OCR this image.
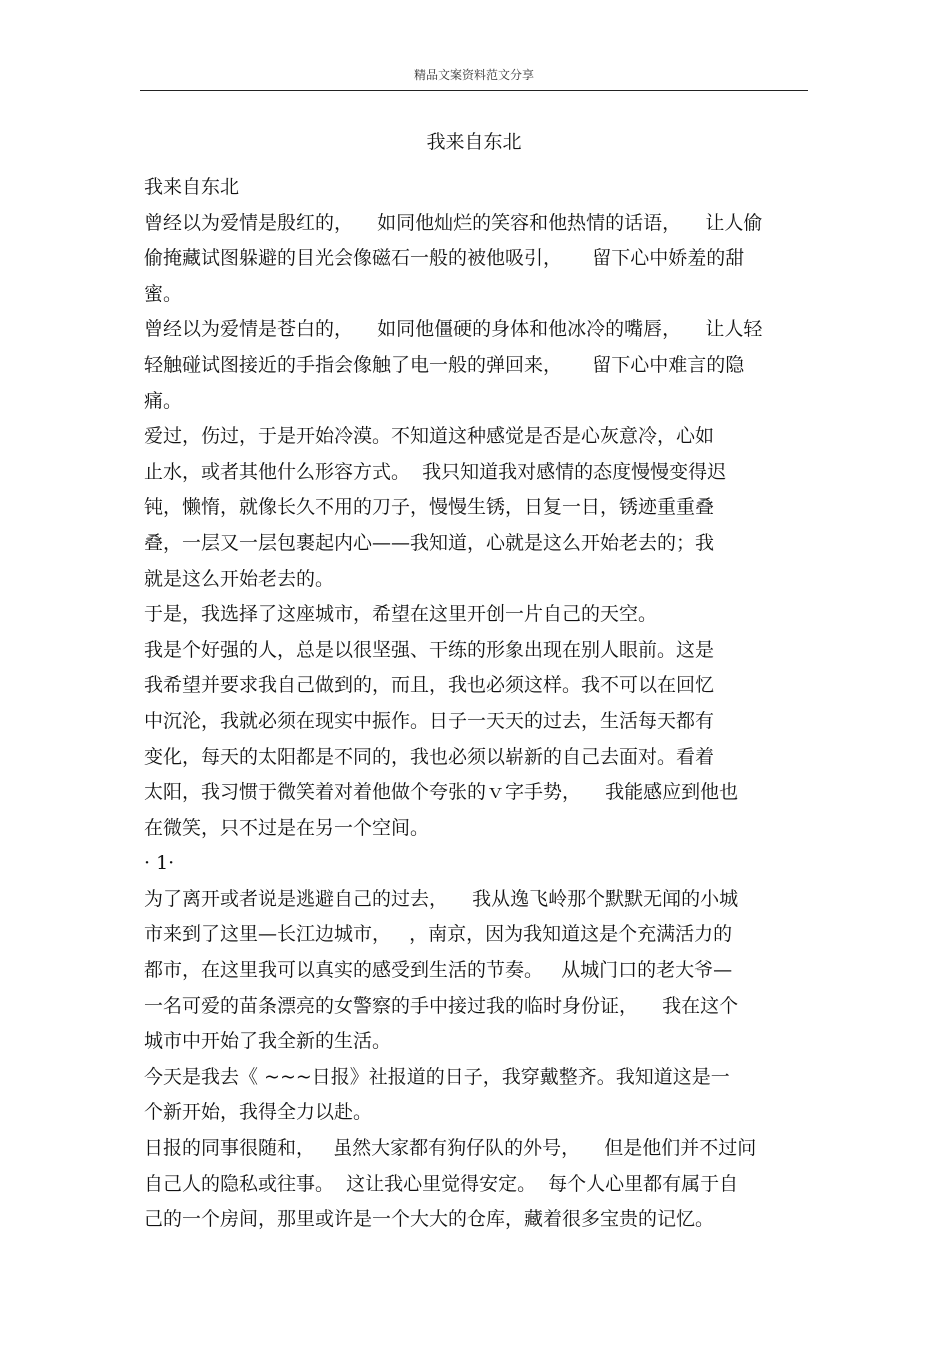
精品文案资料范文分享
我来自东北
我来自东北
曾经以为爱情是殷红的，    如同他灿烂的笑容和他热情的话语，    让人偷
偷掩藏试图躲避的目光会像磁石一般的被他吸引，     留下心中娇羞的甜
蜜。
曾经以为爱情是苍白的，    如同他僵硬的身体和他冰冷的嘴唇，    让人轻
轻触碰试图接近的手指会像触了电一般的弹回来，     留下心中难言的隐
痛。
爱过，伤过，于是开始冷漠。不知道这种感觉是否是心灰意冷，心如
止水，或者其他什么形容方式。  我只知道我对感情的态度慢慢变得迟
钝，懒惰，就像长久不用的刀子，慢慢生锈，日复一日，锈迹重重叠
叠，一层又一层包裹起内心——我知道，心就是这么开始老去的；我
就是这么开始老去的。
于是，我选择了这座城市，希望在这里开创一片自己的天空。
我是个好强的人，总是以很坚强、干练的形象出现在别人眼前。这是
我希望并要求我自己做到的，而且，我也必须这样。我不可以在回忆
中沉沦，我就必须在现实中振作。日子一天天的过去，生活每天都有
变化，每天的太阳都是不同的，我也必须以崭新的自己去面对。看着
太阳，我习惯于微笑着对着他做个夸张的ｖ字手势，    我能感应到他也
在微笑，只不过是在另一个空间。
· 1·
为了离开或者说是逃避自己的过去，    我从逸飞岭那个默默无闻的小城
市来到了这里—长江边城市，   ，南京，因为我知道这是个充满活力的
都市，在这里我可以真实的感受到生活的节奏。   从城门口的老大爷—
一名可爱的苗条漂亮的女警察的手中接过我的临时身份证，    我在这个
城市中开始了我全新的生活。
今天是我去《 ~~~日报》社报道的日子，我穿戴整齐。我知道这是一
个新开始，我得全力以赴。
日报的同事很随和，   虽然大家都有狗仔队的外号，    但是他们并不过问
自己人的隐私或往事。  这让我心里觉得安定。  每个人心里都有属于自
己的一个房间，那里或许是一个大大的仓库，藏着很多宝贵的记忆。
